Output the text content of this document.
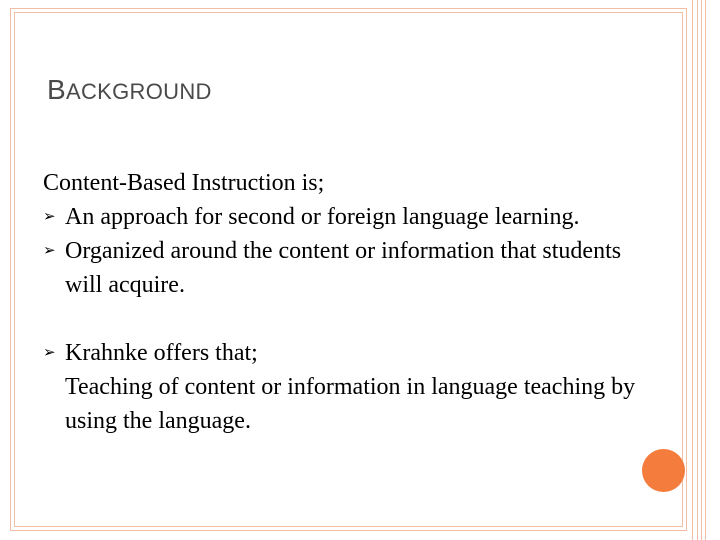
BACKGROUND

Content-Based Instruction is;

➢ An approach for second or foreign language learning.
➢ Organized around the content or information that students will acquire.
➢ Krahnke offers that;
Teaching of content or information in language teaching by using the language.
